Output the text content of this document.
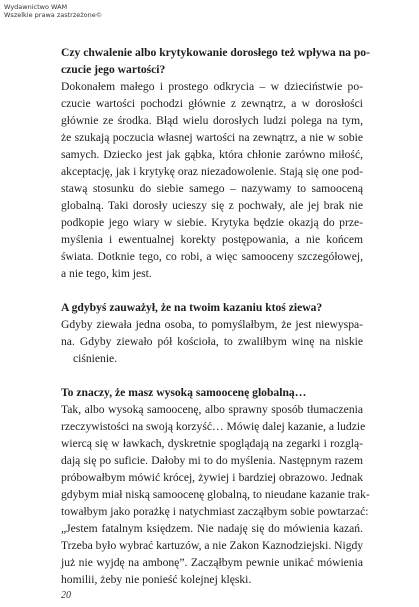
Wydawnictwo WAM
Wszelkie prawa zastrzeżone©
Czy chwalenie albo krytykowanie dorosłego też wpływa na po-
czucie jego wartości?
Dokonałem małego i prostego odkrycia – w dzieciństwie po-
czucie wartości pochodzi głównie z zewnątrz, a w dorosłości
głównie ze środka. Błąd wielu dorosłych ludzi polega na tym,
że szukają poczucia własnej wartości na zewnątrz, a nie w sobie
samych. Dziecko jest jak gąbka, która chłonie zarówno miłość,
akceptację, jak i krytykę oraz niezadowolenie. Stają się one pod-
stawą stosunku do siebie samego – nazywamy to samooceną
globalną. Taki dorosły ucieszy się z pochwały, ale jej brak nie
podkopie jego wiary w siebie. Krytyka będzie okazją do prze-
myślenia i ewentualnej korekty postępowania, a nie końcem
świata. Dotknie tego, co robi, a więc samooceny szczegółowej,
a nie tego, kim jest.
A gdybyś zauważył, że na twoim kazaniu ktoś ziewa?
Gdyby ziewała jedna osoba, to pomyślałbym, że jest niewyspa-
na. Gdyby ziewało pół kościoła, to zwaliłbym winę na niskie
ciśnienie.
To znaczy, że masz wysoką samoocenę globalną…
Tak, albo wysoką samoocenę, albo sprawny sposób tłumaczenia
rzeczywistości na swoją korzyść… Mówię dalej kazanie, a ludzie
wiercą się w ławkach, dyskretnie spoglądają na zegarki i rozglą-
dają się po suficie. Dałoby mi to do myślenia. Następnym razem
próbowałbym mówić krócej, żywiej i bardziej obrazowo. Jednak
gdybym miał niską samoocenę globalną, to nieudane kazanie trak-
towałbym jako porażkę i natychmiast zacząłbym sobie powtarzać:
„Jestem fatalnym księdzem. Nie nadaję się do mówienia kazań.
Trzeba było wybrać kartuzów, a nie Zakon Kaznodziejski. Nigdy
już nie wyjdę na ambonę”. Zacząłbym pewnie unikać mówienia
homilii, żeby nie ponieść kolejnej klęski.
20
